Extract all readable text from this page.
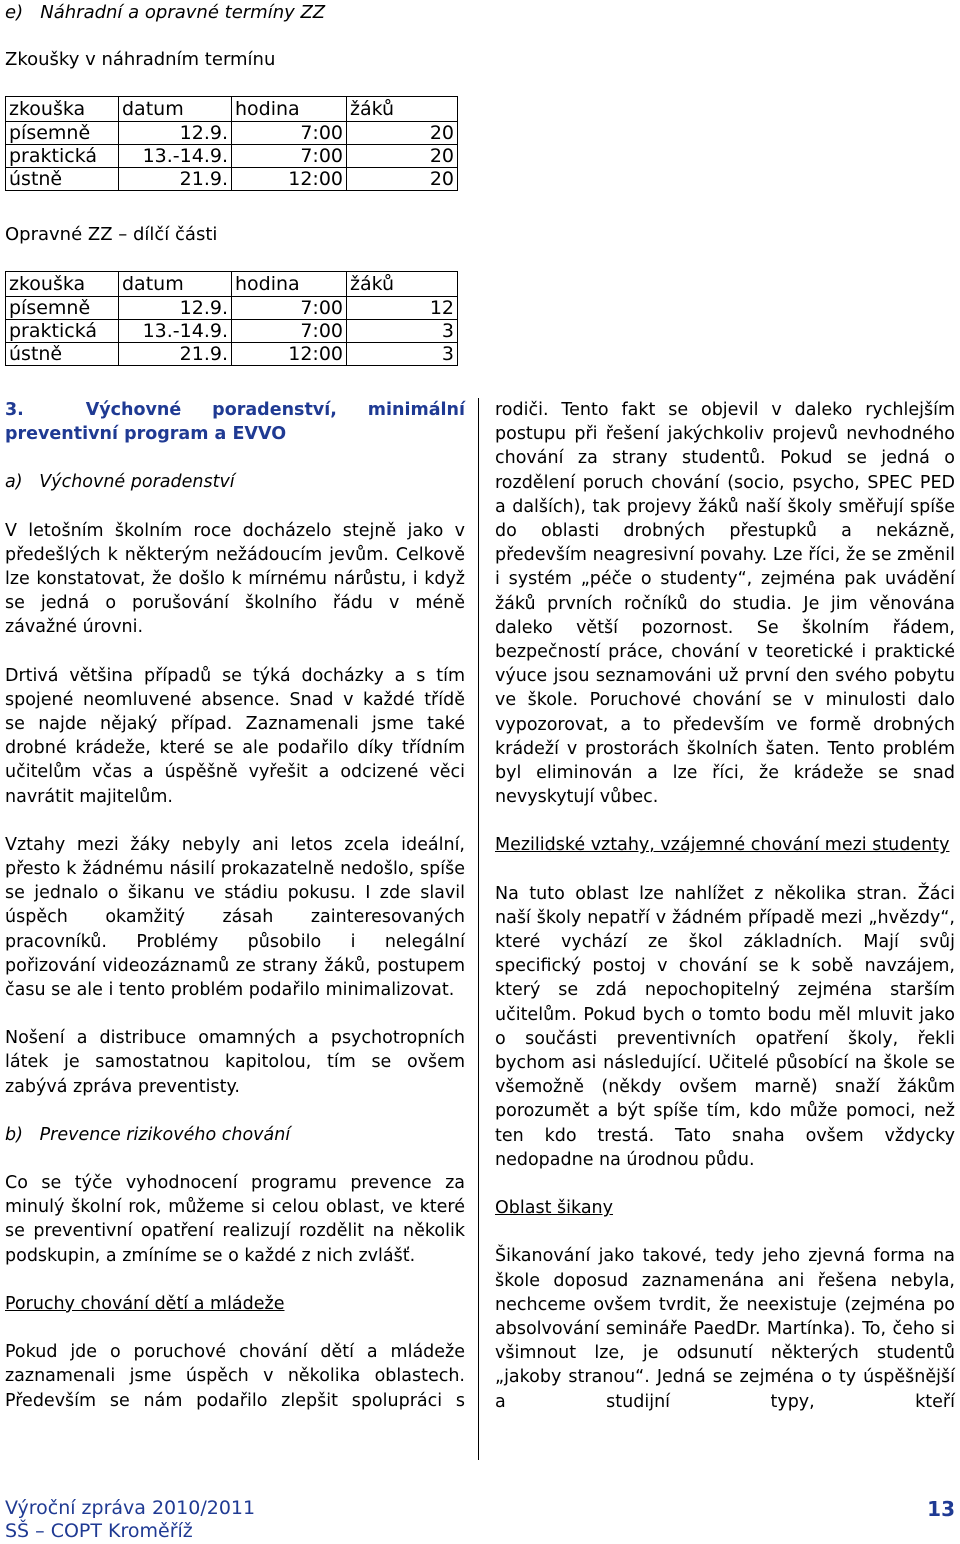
e)   Náhradní a opravné termíny ZZ
Zkoušky v náhradním termínu
zkouška	datum	hodina	žáků
písemně	12.9.	7:00	20
praktická	13.-14.9.	7:00	20
ústně	21.9.	12:00	20
Opravné ZZ – dílčí části
zkouška	datum	hodina	žáků
písemně	12.9.	7:00	12
praktická	13.-14.9.	7:00	3
ústně	21.9.	12:00	3

3.  Výchovné poradenství, minimální

preventivní program a EVVO

a)   Výchovné poradenství

V letošním školním roce docházelo stejně jako v předešlých k některým nežádoucím jevům. Celkově lze konstatovat, že došlo k mírnému nárůstu, i když se jedná o porušování školního řádu v méně závažné úrovni.

Drtivá většina případů se týká docházky a s tím spojené neomluvené absence. Snad v každé třídě se najde nějaký případ. Zaznamenali jsme také drobné krádeže, které se ale podařilo díky třídním učitelům včas a úspěšně vyřešit a odcizené věci navrátit majitelům.

Vztahy mezi žáky nebyly ani letos zcela ideální, přesto k žádnému násilí prokazatelně nedošlo, spíše se jednalo o šikanu ve stádiu pokusu. I zde slavil úspěch okamžitý zásah zainteresovaných pracovníků. Problémy působilo i nelegální pořizování videozáznamů ze strany žáků, postupem času se ale i tento problém podařilo minimalizovat.

Nošení a distribuce omamných a psychotropních látek je samostatnou kapitolou, tím se ovšem zabývá zpráva preventisty.

b)   Prevence rizikového chování

Co se týče vyhodnocení programu prevence za minulý školní rok, můžeme si celou oblast, ve které se preventivní opatření realizují rozdělit na několik podskupin, a zmíníme se o každé z nich zvlášť.

Poruchy chování dětí a mládeže

Pokud jde o poruchové chování dětí a mládeže zaznamenali jsme úspěch v několika oblastech. Především se nám podařilo zlepšit spolupráci s

rodiči. Tento fakt se objevil v daleko rychlejším postupu při řešení jakýchkoliv projevů nevhodného chování za strany studentů. Pokud se jedná o rozdělení poruch chování (socio, psycho, SPEC PED a dalších), tak projevy žáků naší školy směřují spíše do oblasti drobných přestupků a nekázně, především neagresivní povahy. Lze říci, že se změnil i systém „péče o studenty“, zejména pak uvádění žáků prvních ročníků do studia. Je jim věnována daleko větší pozornost. Se školním řádem, bezpečností práce, chování v teoretické i praktické výuce jsou seznamováni už první den svého pobytu ve škole. Poruchové chování se v minulosti dalo vypozorovat, a to především ve formě drobných krádeží v prostorách školních šaten. Tento problém byl eliminován a lze říci, že krádeže se snad nevyskytují vůbec.

Mezilidské vztahy, vzájemné chování mezi studenty

Na tuto oblast lze nahlížet z několika stran. Žáci naší školy nepatří v žádném případě mezi „hvězdy“, které vychází ze škol základních. Mají svůj specifický postoj v chování se k sobě navzájem, který se zdá nepochopitelný zejména starším učitelům. Pokud bych o tomto bodu měl mluvit jako o součásti preventivních opatření školy, řekli bychom asi následující. Učitelé působící na škole se všemožně (někdy ovšem marně) snaží žákům porozumět a být spíše tím, kdo může pomoci, než ten kdo trestá. Tato snaha ovšem vždycky nedopadne na úrodnou půdu.

Oblast šikany

Šikanování jako takové, tedy jeho zjevná forma na škole doposud zaznamenána ani řešena nebyla, nechceme ovšem tvrdit, že neexistuje (zejména po absolvování semináře PaedDr. Martínka). To, čeho si všimnout lze, je odsunutí některých studentů „jakoby stranou“. Jedná se zejména o ty úspěšnější a studijní typy, kteří

Výroční zpráva 2010/2011
SŠ – COPT Kroměříž
13
